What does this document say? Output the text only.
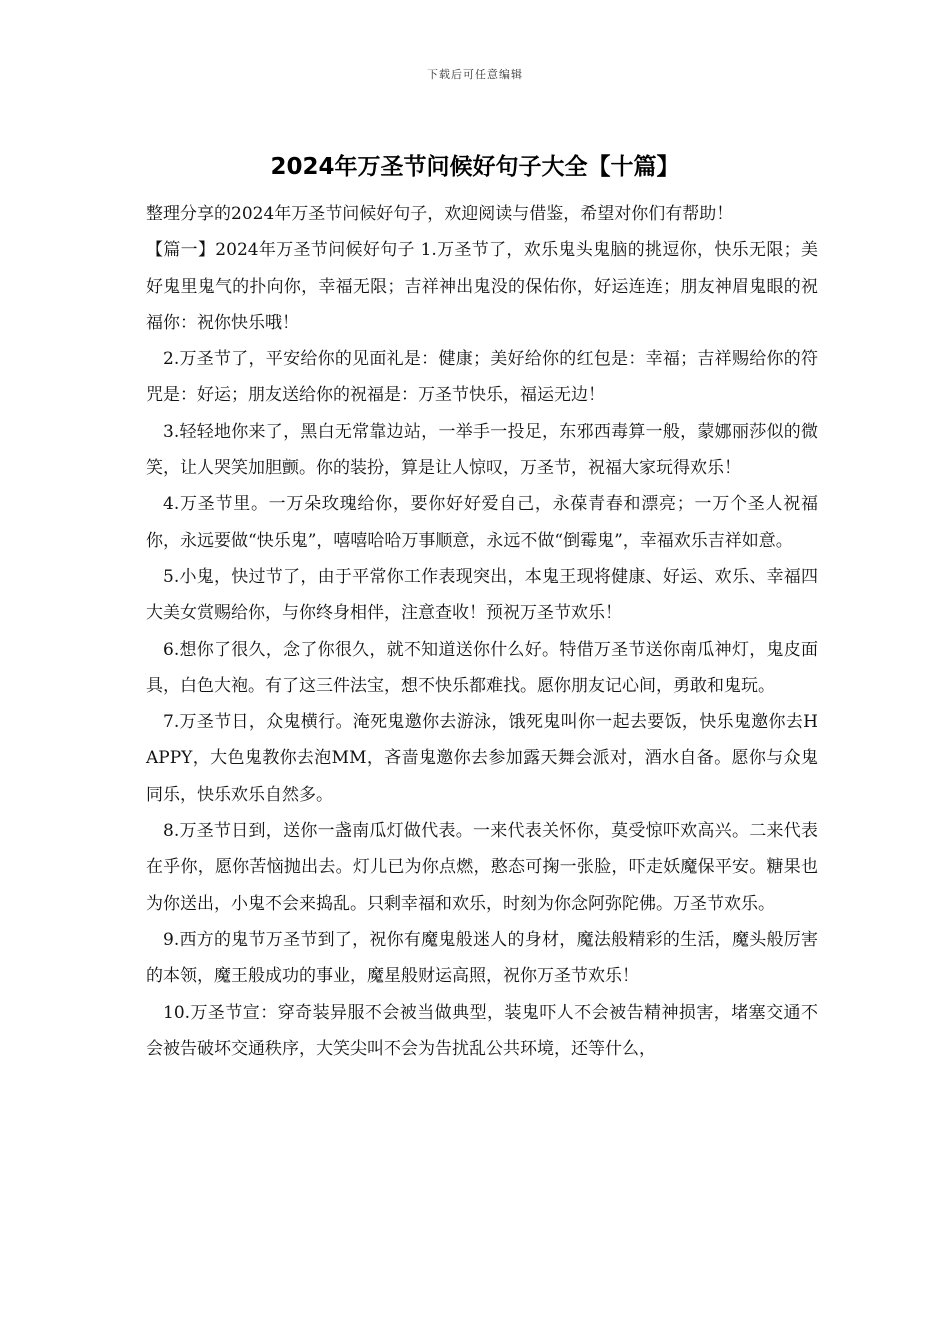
下载后可任意编辑
2024年万圣节问候好句子大全【十篇】

整理分享的2024年万圣节问候好句子，欢迎阅读与借鉴，希望对你们有帮助！

【篇一】2024年万圣节问候好句子 1.万圣节了，欢乐鬼头鬼脑的挑逗你，快乐无限；美好鬼里鬼气的扑向你，幸福无限；吉祥神出鬼没的保佑你，好运连连；朋友神眉鬼眼的祝福你：祝你快乐哦！

2.万圣节了，平安给你的见面礼是：健康；美好给你的红包是：幸福；吉祥赐给你的符咒是：好运；朋友送给你的祝福是：万圣节快乐，福运无边！

3.轻轻地你来了，黑白无常靠边站，一举手一投足，东邪西毒算一般，蒙娜丽莎似的微笑，让人哭笑加胆颤。你的装扮，算是让人惊叹，万圣节，祝福大家玩得欢乐！

4.万圣节里。一万朵玫瑰给你，要你好好爱自己，永葆青春和漂亮；一万个圣人祝福你，永远要做“快乐鬼”，嘻嘻哈哈万事顺意，永远不做“倒霉鬼”，幸福欢乐吉祥如意。

5.小鬼，快过节了，由于平常你工作表现突出，本鬼王现将健康、好运、欢乐、幸福四大美女赏赐给你，与你终身相伴，注意查收！预祝万圣节欢乐！

6.想你了很久，念了你很久，就不知道送你什么好。特借万圣节送你南瓜神灯，鬼皮面具，白色大袍。有了这三件法宝，想不快乐都难找。愿你朋友记心间，勇敢和鬼玩。

7.万圣节日，众鬼横行。淹死鬼邀你去游泳，饿死鬼叫你一起去要饭，快乐鬼邀你去HAPPY，大色鬼教你去泡MM，吝啬鬼邀你去参加露天舞会派对，酒水自备。愿你与众鬼同乐，快乐欢乐自然多。

8.万圣节日到，送你一盏南瓜灯做代表。一来代表关怀你，莫受惊吓欢高兴。二来代表在乎你，愿你苦恼抛出去。灯儿已为你点燃，憨态可掬一张脸，吓走妖魔保平安。糖果也为你送出，小鬼不会来捣乱。只剩幸福和欢乐，时刻为你念阿弥陀佛。万圣节欢乐。

9.西方的鬼节万圣节到了，祝你有魔鬼般迷人的身材，魔法般精彩的生活，魔头般厉害的本领，魔王般成功的事业，魔星般财运高照，祝你万圣节欢乐！

10.万圣节宣：穿奇装异服不会被当做典型，装鬼吓人不会被告精神损害，堵塞交通不会被告破坏交通秩序，大笑尖叫不会为告扰乱公共环境，还等什么，
